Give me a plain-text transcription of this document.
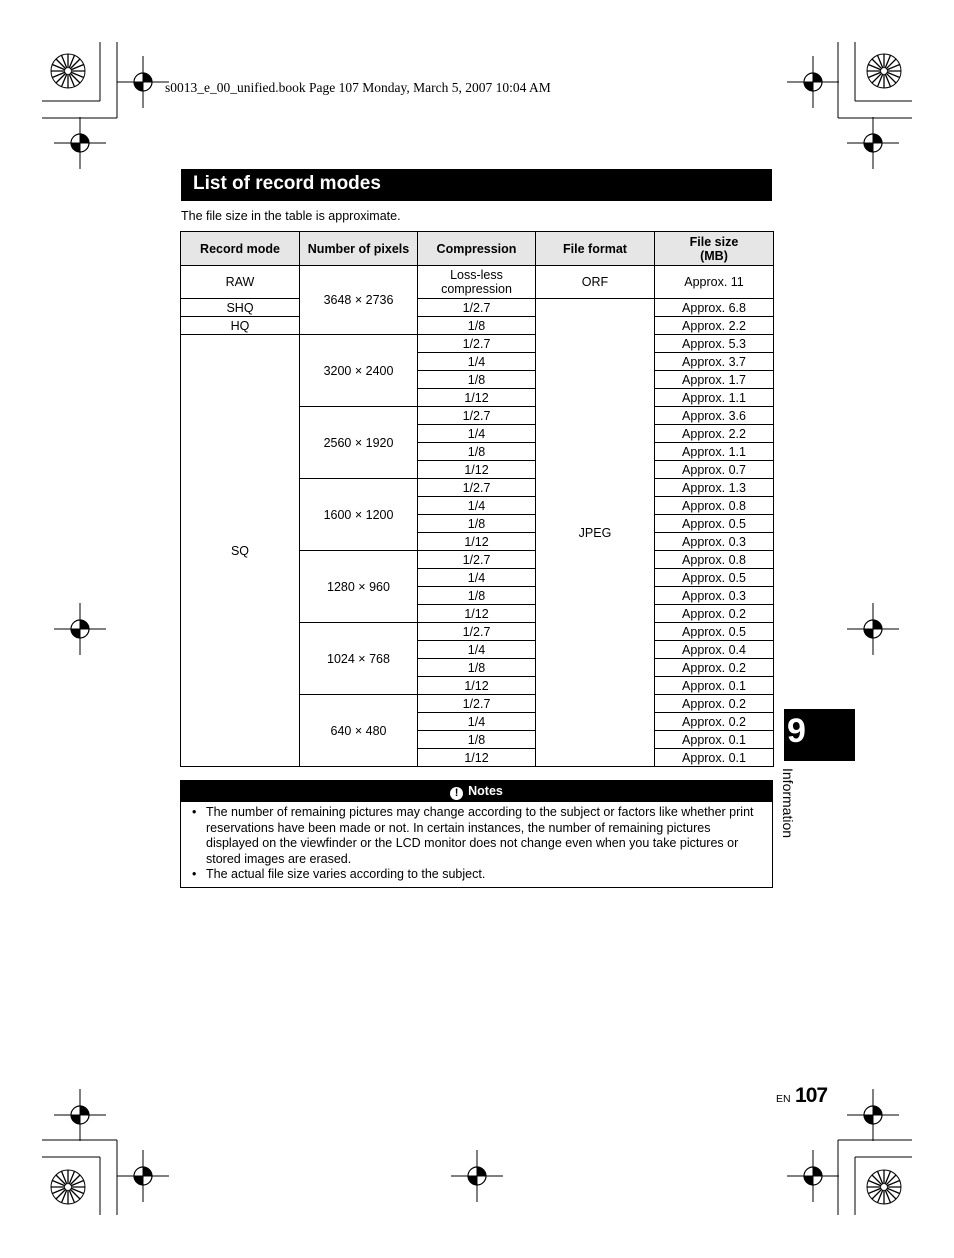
s0013_e_00_unified.book Page 107 Monday, March 5, 2007 10:04 AM
List of record modes
The file size in the table is approximate.
Record mode	Number of pixels	Compression	File format	File size (MB)
RAW	3648 × 2736	Loss-less compression	ORF	Approx. 11
SHQ		1/2.7	JPEG	Approx. 6.8
HQ		1/8		Approx. 2.2
SQ	3200 × 2400	1/2.7		Approx. 5.3
		1/4		Approx. 3.7
		1/8		Approx. 1.7
		1/12		Approx. 1.1
	2560 × 1920	1/2.7		Approx. 3.6
		1/4		Approx. 2.2
		1/8		Approx. 1.1
		1/12		Approx. 0.7
	1600 × 1200	1/2.7		Approx. 1.3
		1/4		Approx. 0.8
		1/8		Approx. 0.5
		1/12		Approx. 0.3
	1280 × 960	1/2.7		Approx. 0.8
		1/4		Approx. 0.5
		1/8		Approx. 0.3
		1/12		Approx. 0.2
	1024 × 768	1/2.7		Approx. 0.5
		1/4		Approx. 0.4
		1/8		Approx. 0.2
		1/12		Approx. 0.1
	640 × 480	1/2.7		Approx. 0.2
		1/4		Approx. 0.2
		1/8		Approx. 0.1
		1/12		Approx. 0.1
! Notes
• The number of remaining pictures may change according to the subject or factors like whether print reservations have been made or not. In certain instances, the number of remaining pictures displayed on the viewfinder or the LCD monitor does not change even when you take pictures or stored images are erased.
• The actual file size varies according to the subject.
9
Information
EN 107
